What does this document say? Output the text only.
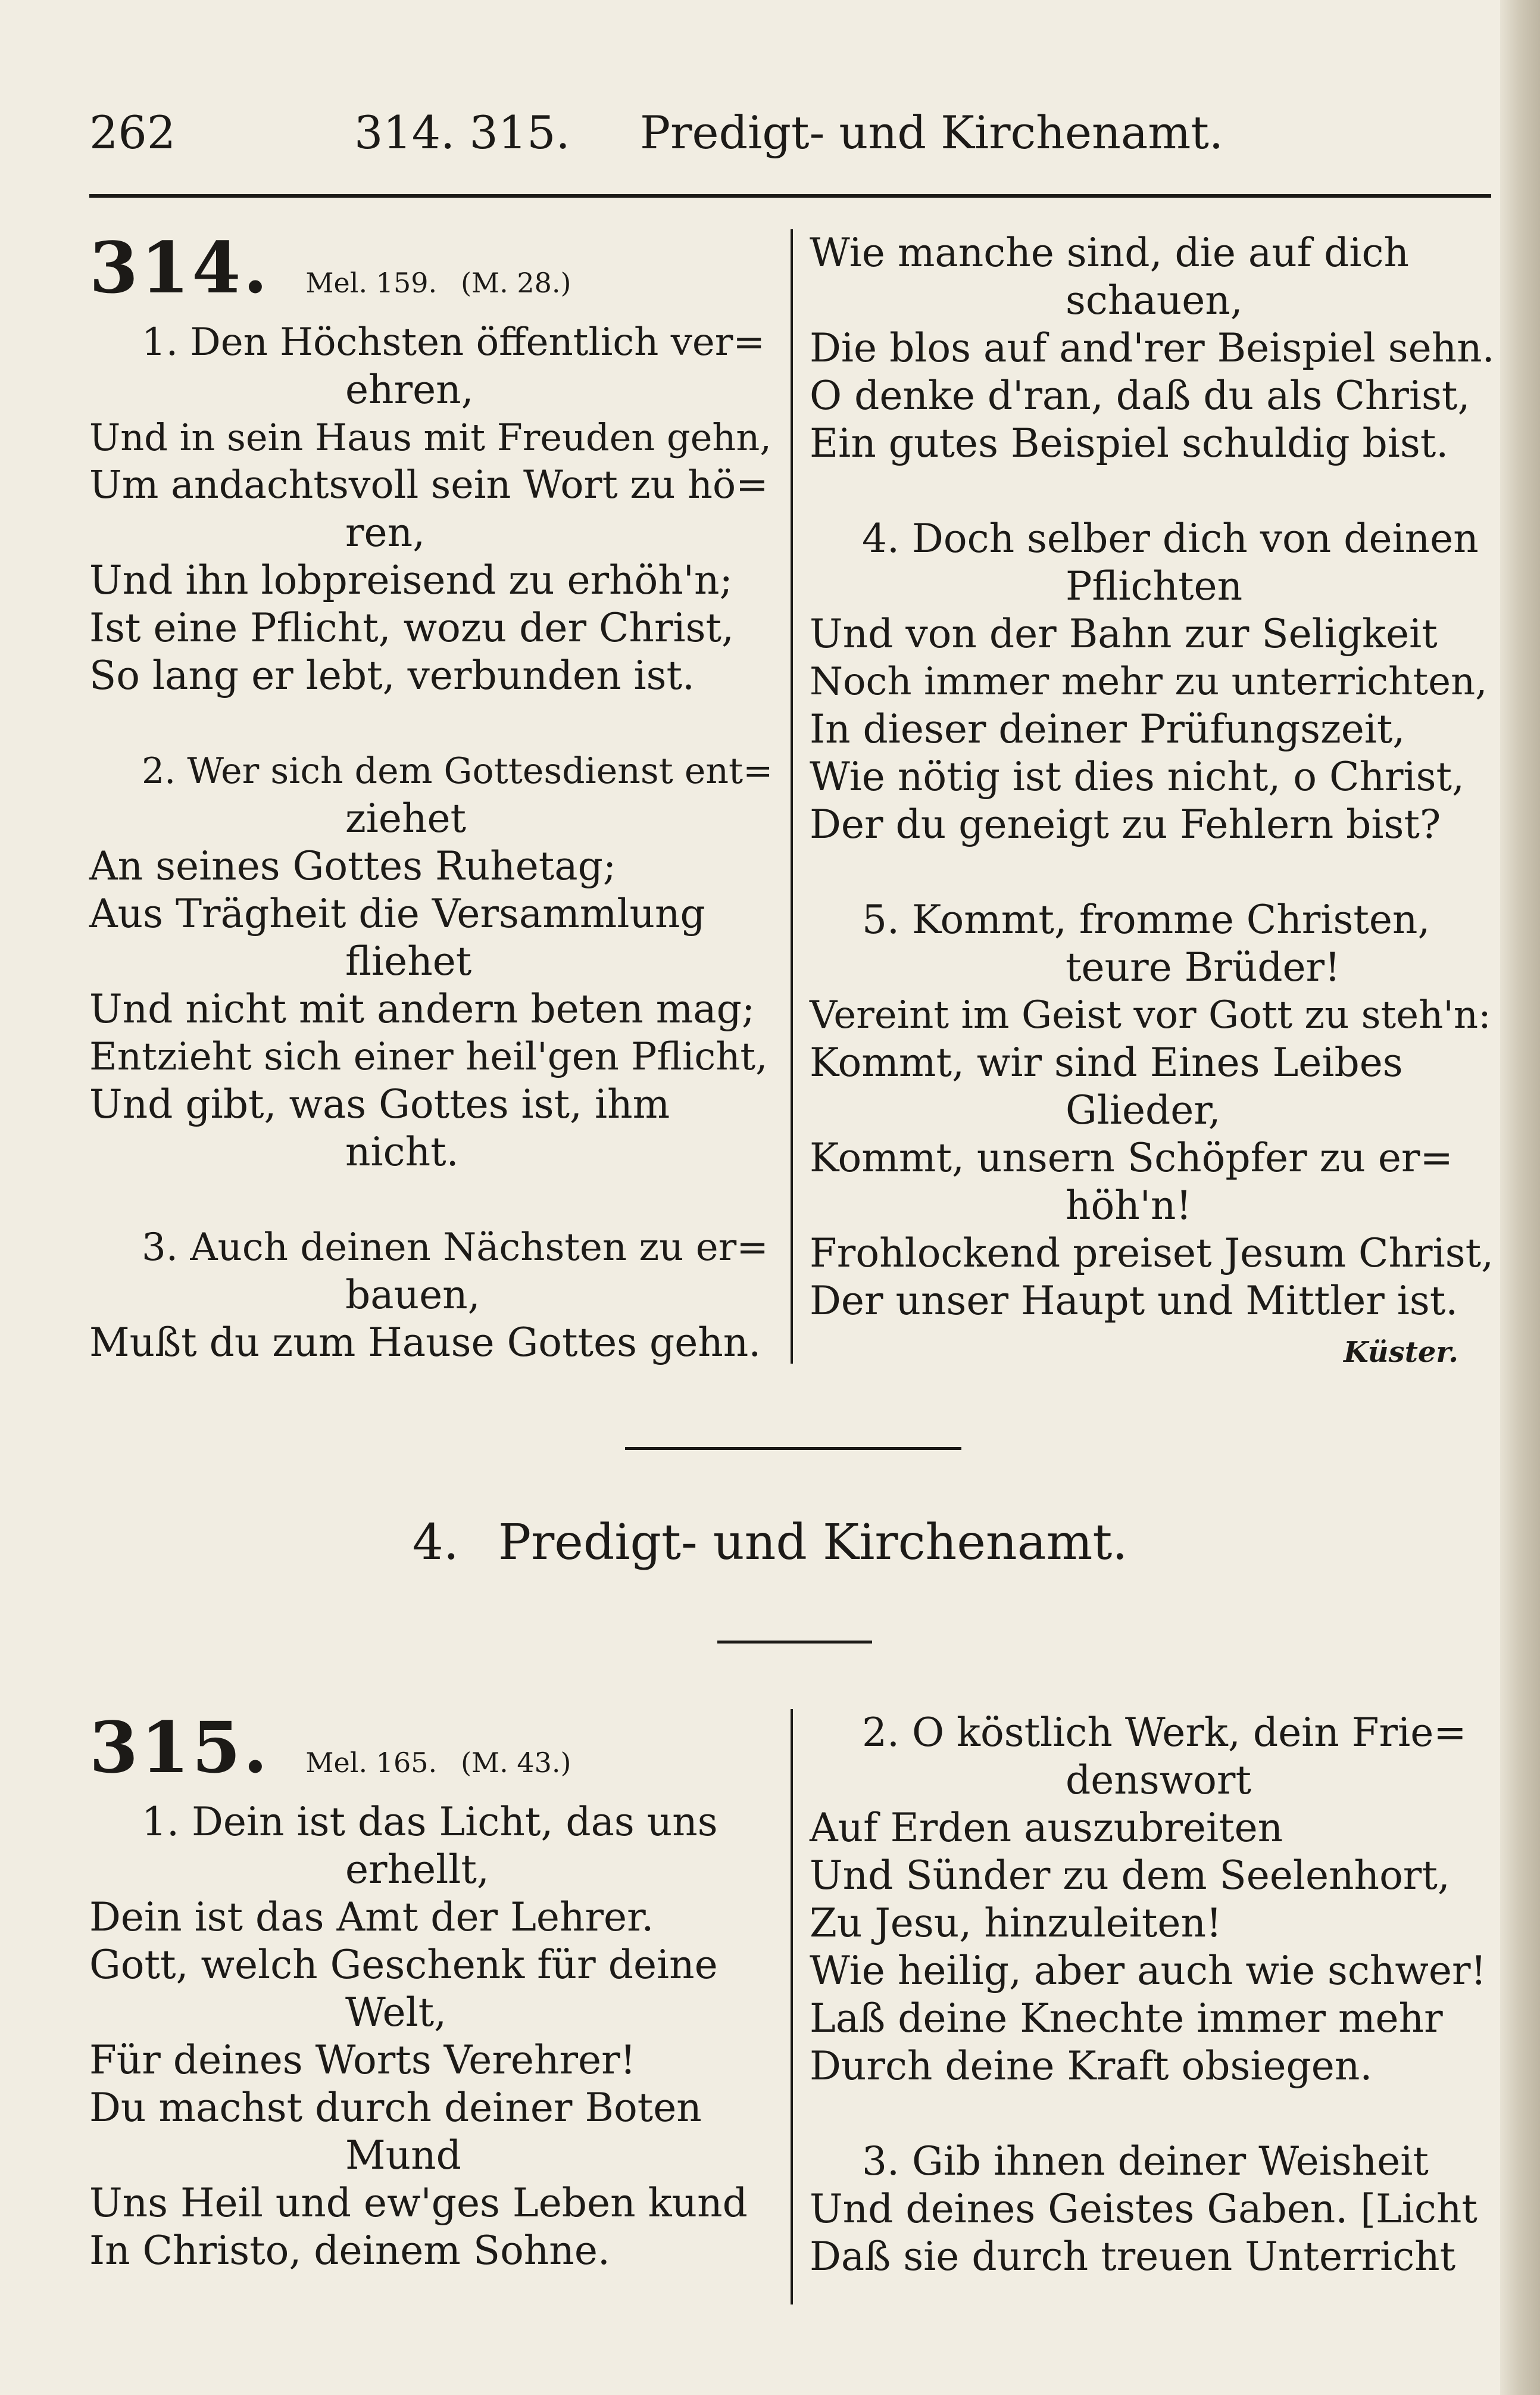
262	314. 315. Predigt- und Kirchenamt.
314. Mel. 159. (M. 28.)
1. Den Höchsten öffentlich ver=
ehren,
Und in sein Haus mit Freuden gehn,
Um andachtsvoll sein Wort zu hö=
ren,
Und ihn lobpreisend zu erhöh'n;
Ist eine Pflicht, wozu der Christ,
So lang er lebt, verbunden ist.
2. Wer sich dem Gottesdienst ent=
ziehet
An seines Gottes Ruhetag;
Aus Trägheit die Versammlung
fliehet
Und nicht mit andern beten mag;
Entzieht sich einer heil'gen Pflicht,
Und gibt, was Gottes ist, ihm
nicht.
3. Auch deinen Nächsten zu er=
bauen,
Mußt du zum Hause Gottes gehn.
Wie manche sind, die auf dich
schauen,
Die blos auf and'rer Beispiel sehn.
O denke d'ran, daß du als Christ,
Ein gutes Beispiel schuldig bist.
4. Doch selber dich von deinen
Pflichten
Und von der Bahn zur Seligkeit
Noch immer mehr zu unterrichten,
In dieser deiner Prüfungszeit,
Wie nötig ist dies nicht, o Christ,
Der du geneigt zu Fehlern bist?
5. Kommt, fromme Christen,
teure Brüder!
Vereint im Geist vor Gott zu steh'n:
Kommt, wir sind Eines Leibes
Glieder,
Kommt, unsern Schöpfer zu er=
höh'n!
Frohlockend preiset Jesum Christ,
Der unser Haupt und Mittler ist.
Küster.
4. Predigt- und Kirchenamt.
315. Mel. 165. (M. 43.)
1. Dein ist das Licht, das uns
erhellt,
Dein ist das Amt der Lehrer.
Gott, welch Geschenk für deine
Welt,
Für deines Worts Verehrer!
Du machst durch deiner Boten
Mund
Uns Heil und ew'ges Leben kund
In Christo, deinem Sohne.
2. O köstlich Werk, dein Frie=
denswort
Auf Erden auszubreiten
Und Sünder zu dem Seelenhort,
Zu Jesu, hinzuleiten!
Wie heilig, aber auch wie schwer!
Laß deine Knechte immer mehr
Durch deine Kraft obsiegen.
3. Gib ihnen deiner Weisheit
Und deines Geistes Gaben. [Licht
Daß sie durch treuen Unterricht
